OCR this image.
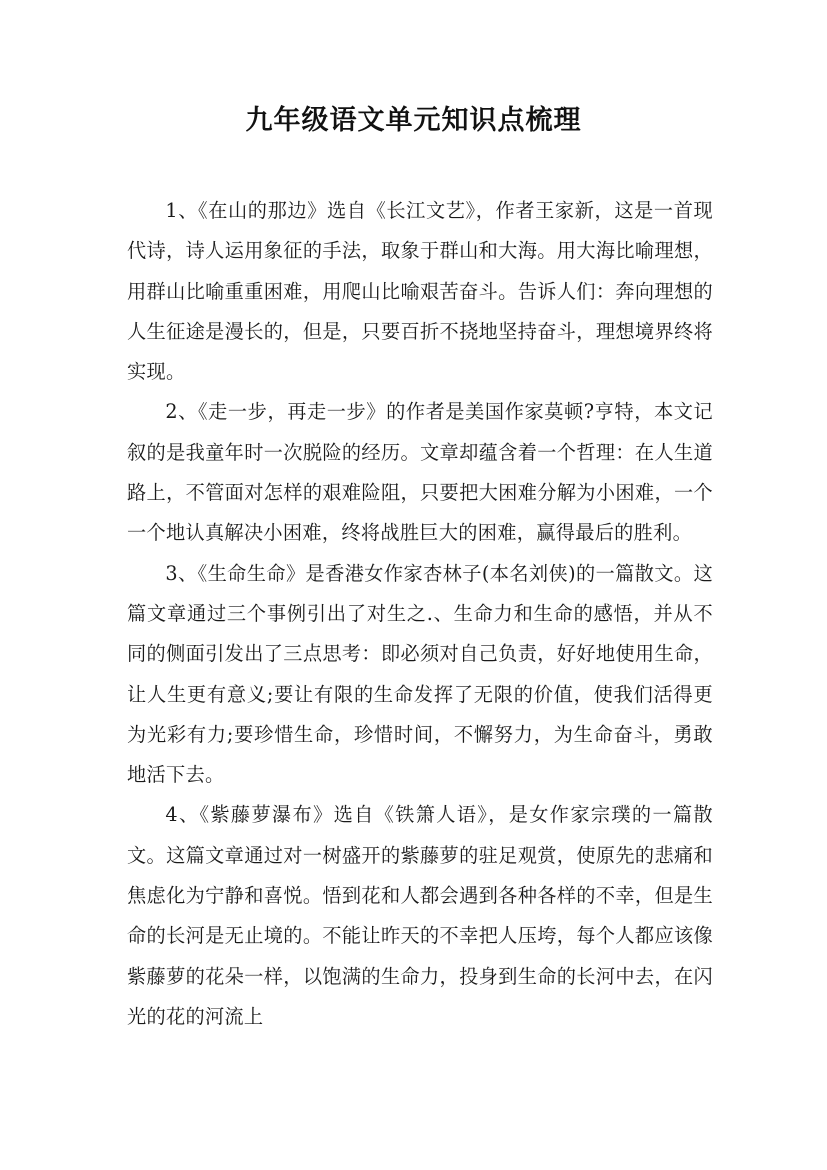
九年级语文单元知识点梳理

1、《在山的那边》选自《长江文艺》，作者王家新，这是一首现代诗，诗人运用象征的手法，取象于群山和大海。用大海比喻理想，用群山比喻重重困难，用爬山比喻艰苦奋斗。告诉人们：奔向理想的人生征途是漫长的，但是，只要百折不挠地坚持奋斗，理想境界终将实现。

2、《走一步，再走一步》的作者是美国作家莫顿?亨特，本文记叙的是我童年时一次脱险的经历。文章却蕴含着一个哲理：在人生道路上，不管面对怎样的艰难险阻，只要把大困难分解为小困难，一个一个地认真解决小困难，终将战胜巨大的困难，赢得最后的胜利。

3、《生命生命》是香港女作家杏林子(本名刘侠)的一篇散文。这篇文章通过三个事例引出了对生之.、生命力和生命的感悟，并从不同的侧面引发出了三点思考：即必须对自己负责，好好地使用生命，让人生更有意义;要让有限的生命发挥了无限的价值，使我们活得更为光彩有力;要珍惜生命，珍惜时间，不懈努力，为生命奋斗，勇敢地活下去。

4、《紫藤萝瀑布》选自《铁箫人语》，是女作家宗璞的一篇散文。这篇文章通过对一树盛开的紫藤萝的驻足观赏，使原先的悲痛和焦虑化为宁静和喜悦。悟到花和人都会遇到各种各样的不幸，但是生命的长河是无止境的。不能让昨天的不幸把人压垮，每个人都应该像紫藤萝的花朵一样，以饱满的生命力，投身到生命的长河中去，在闪光的花的河流上
